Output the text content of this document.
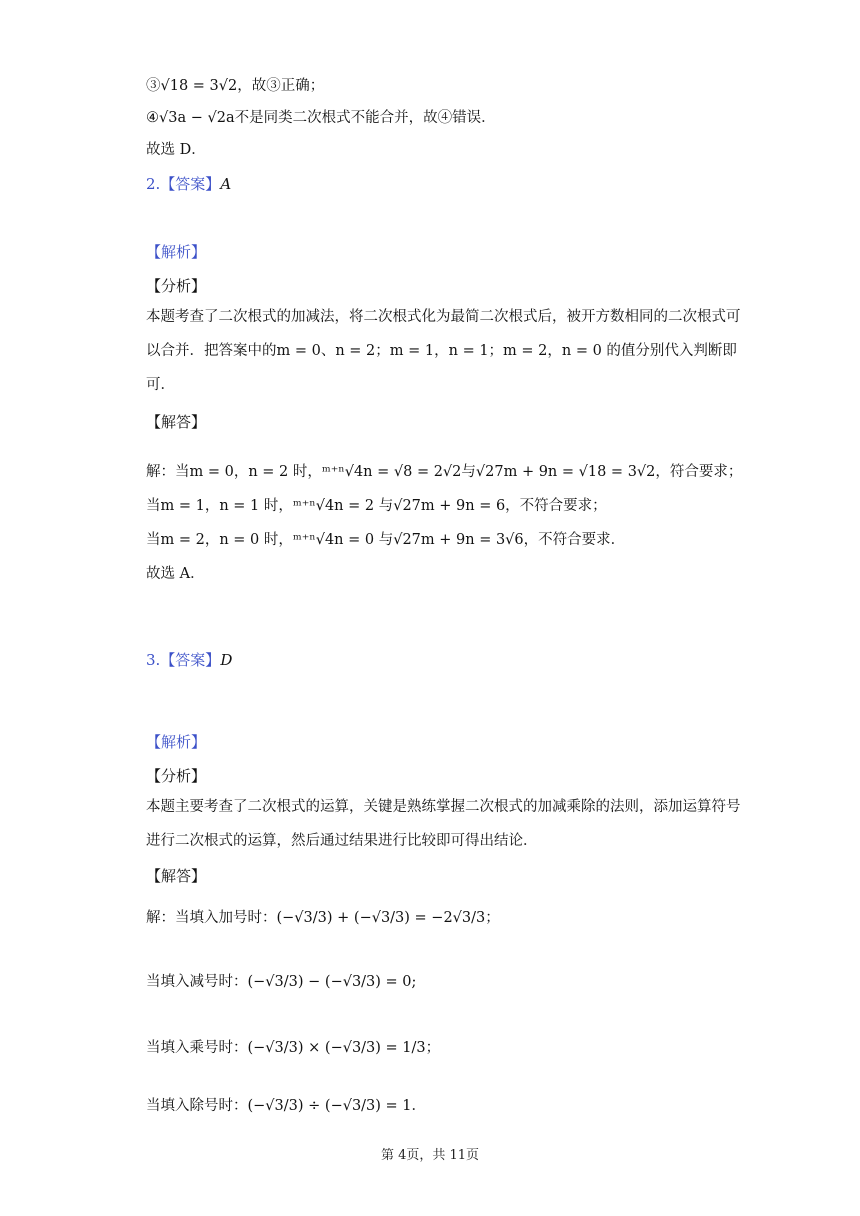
③√18 = 3√2，故③正确；
④√3a − √2a不是同类二次根式不能合并，故④错误．
故选 D．
2.【答案】A
【解析】
【分析】
本题考查了二次根式的加减法，将二次根式化为最简二次根式后，被开方数相同的二次根式可以合并．把答案中的m = 0、n = 2；m = 1，n = 1；m = 2，n = 0 的值分别代入判断即可．
【解答】
解：当m = 0，n = 2 时，ᵐ⁺ⁿ√4n = √8 = 2√2与√27m + 9n = √18 = 3√2，符合要求；
当m = 1，n = 1 时，ᵐ⁺ⁿ√4n = 2 与√27m + 9n = 6，不符合要求；
当m = 2，n = 0 时，ᵐ⁺ⁿ√4n = 0 与√27m + 9n = 3√6，不符合要求．
故选 A．
3.【答案】D
【解析】
【分析】
本题主要考查了二次根式的运算，关键是熟练掌握二次根式的加减乘除的法则，添加运算符号进行二次根式的运算，然后通过结果进行比较即可得出结论．
【解答】
解：当填入加号时：(−√3/3) + (−√3/3) = −2√3/3；
当填入减号时：(−√3/3) − (−√3/3) = 0;
当填入乘号时：(−√3/3) × (−√3/3) = 1/3；
当填入除号时：(−√3/3) ÷ (−√3/3) = 1．
第 4页，共 11页
